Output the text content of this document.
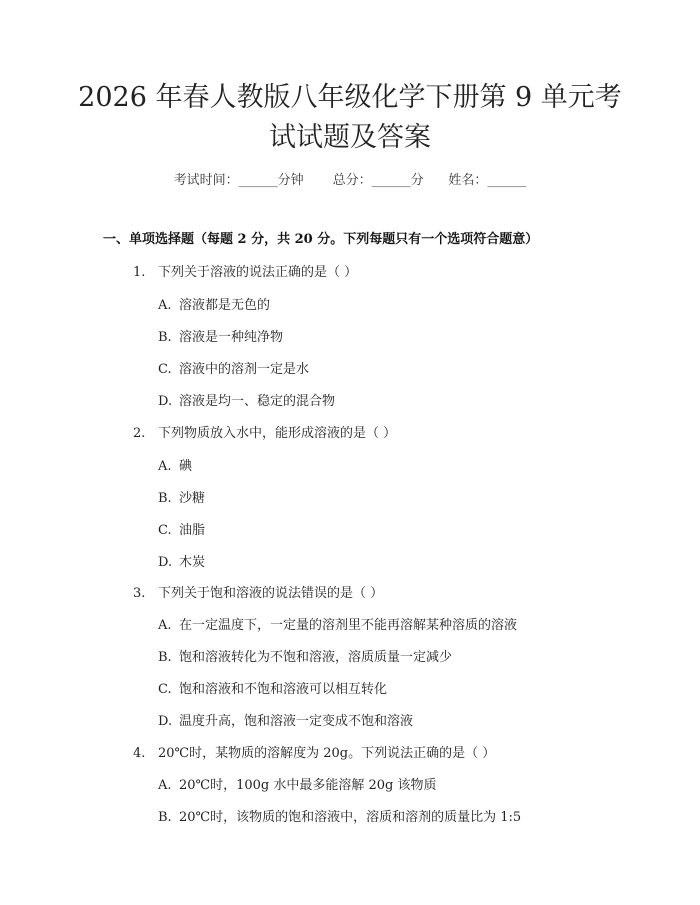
2026 年春人教版八年级化学下册第 9 单元考
试试题及答案
考试时间：______分钟 总分：______分 姓名：______
一、单项选择题（每题 2 分，共 20 分。下列每题只有一个选项符合题意）
1. 下列关于溶液的说法正确的是（ ）
A. 溶液都是无色的
B. 溶液是一种纯净物
C. 溶液中的溶剂一定是水
D. 溶液是均一、稳定的混合物
2. 下列物质放入水中，能形成溶液的是（ ）
A. 碘
B. 沙糖
C. 油脂
D. 木炭
3. 下列关于饱和溶液的说法错误的是（ ）
A. 在一定温度下，一定量的溶剂里不能再溶解某种溶质的溶液
B. 饱和溶液转化为不饱和溶液，溶质质量一定减少
C. 饱和溶液和不饱和溶液可以相互转化
D. 温度升高，饱和溶液一定变成不饱和溶液
4. 20℃时，某物质的溶解度为 20g。下列说法正确的是（ ）
A. 20℃时，100g 水中最多能溶解 20g 该物质
B. 20℃时，该物质的饱和溶液中，溶质和溶剂的质量比为 1:5
